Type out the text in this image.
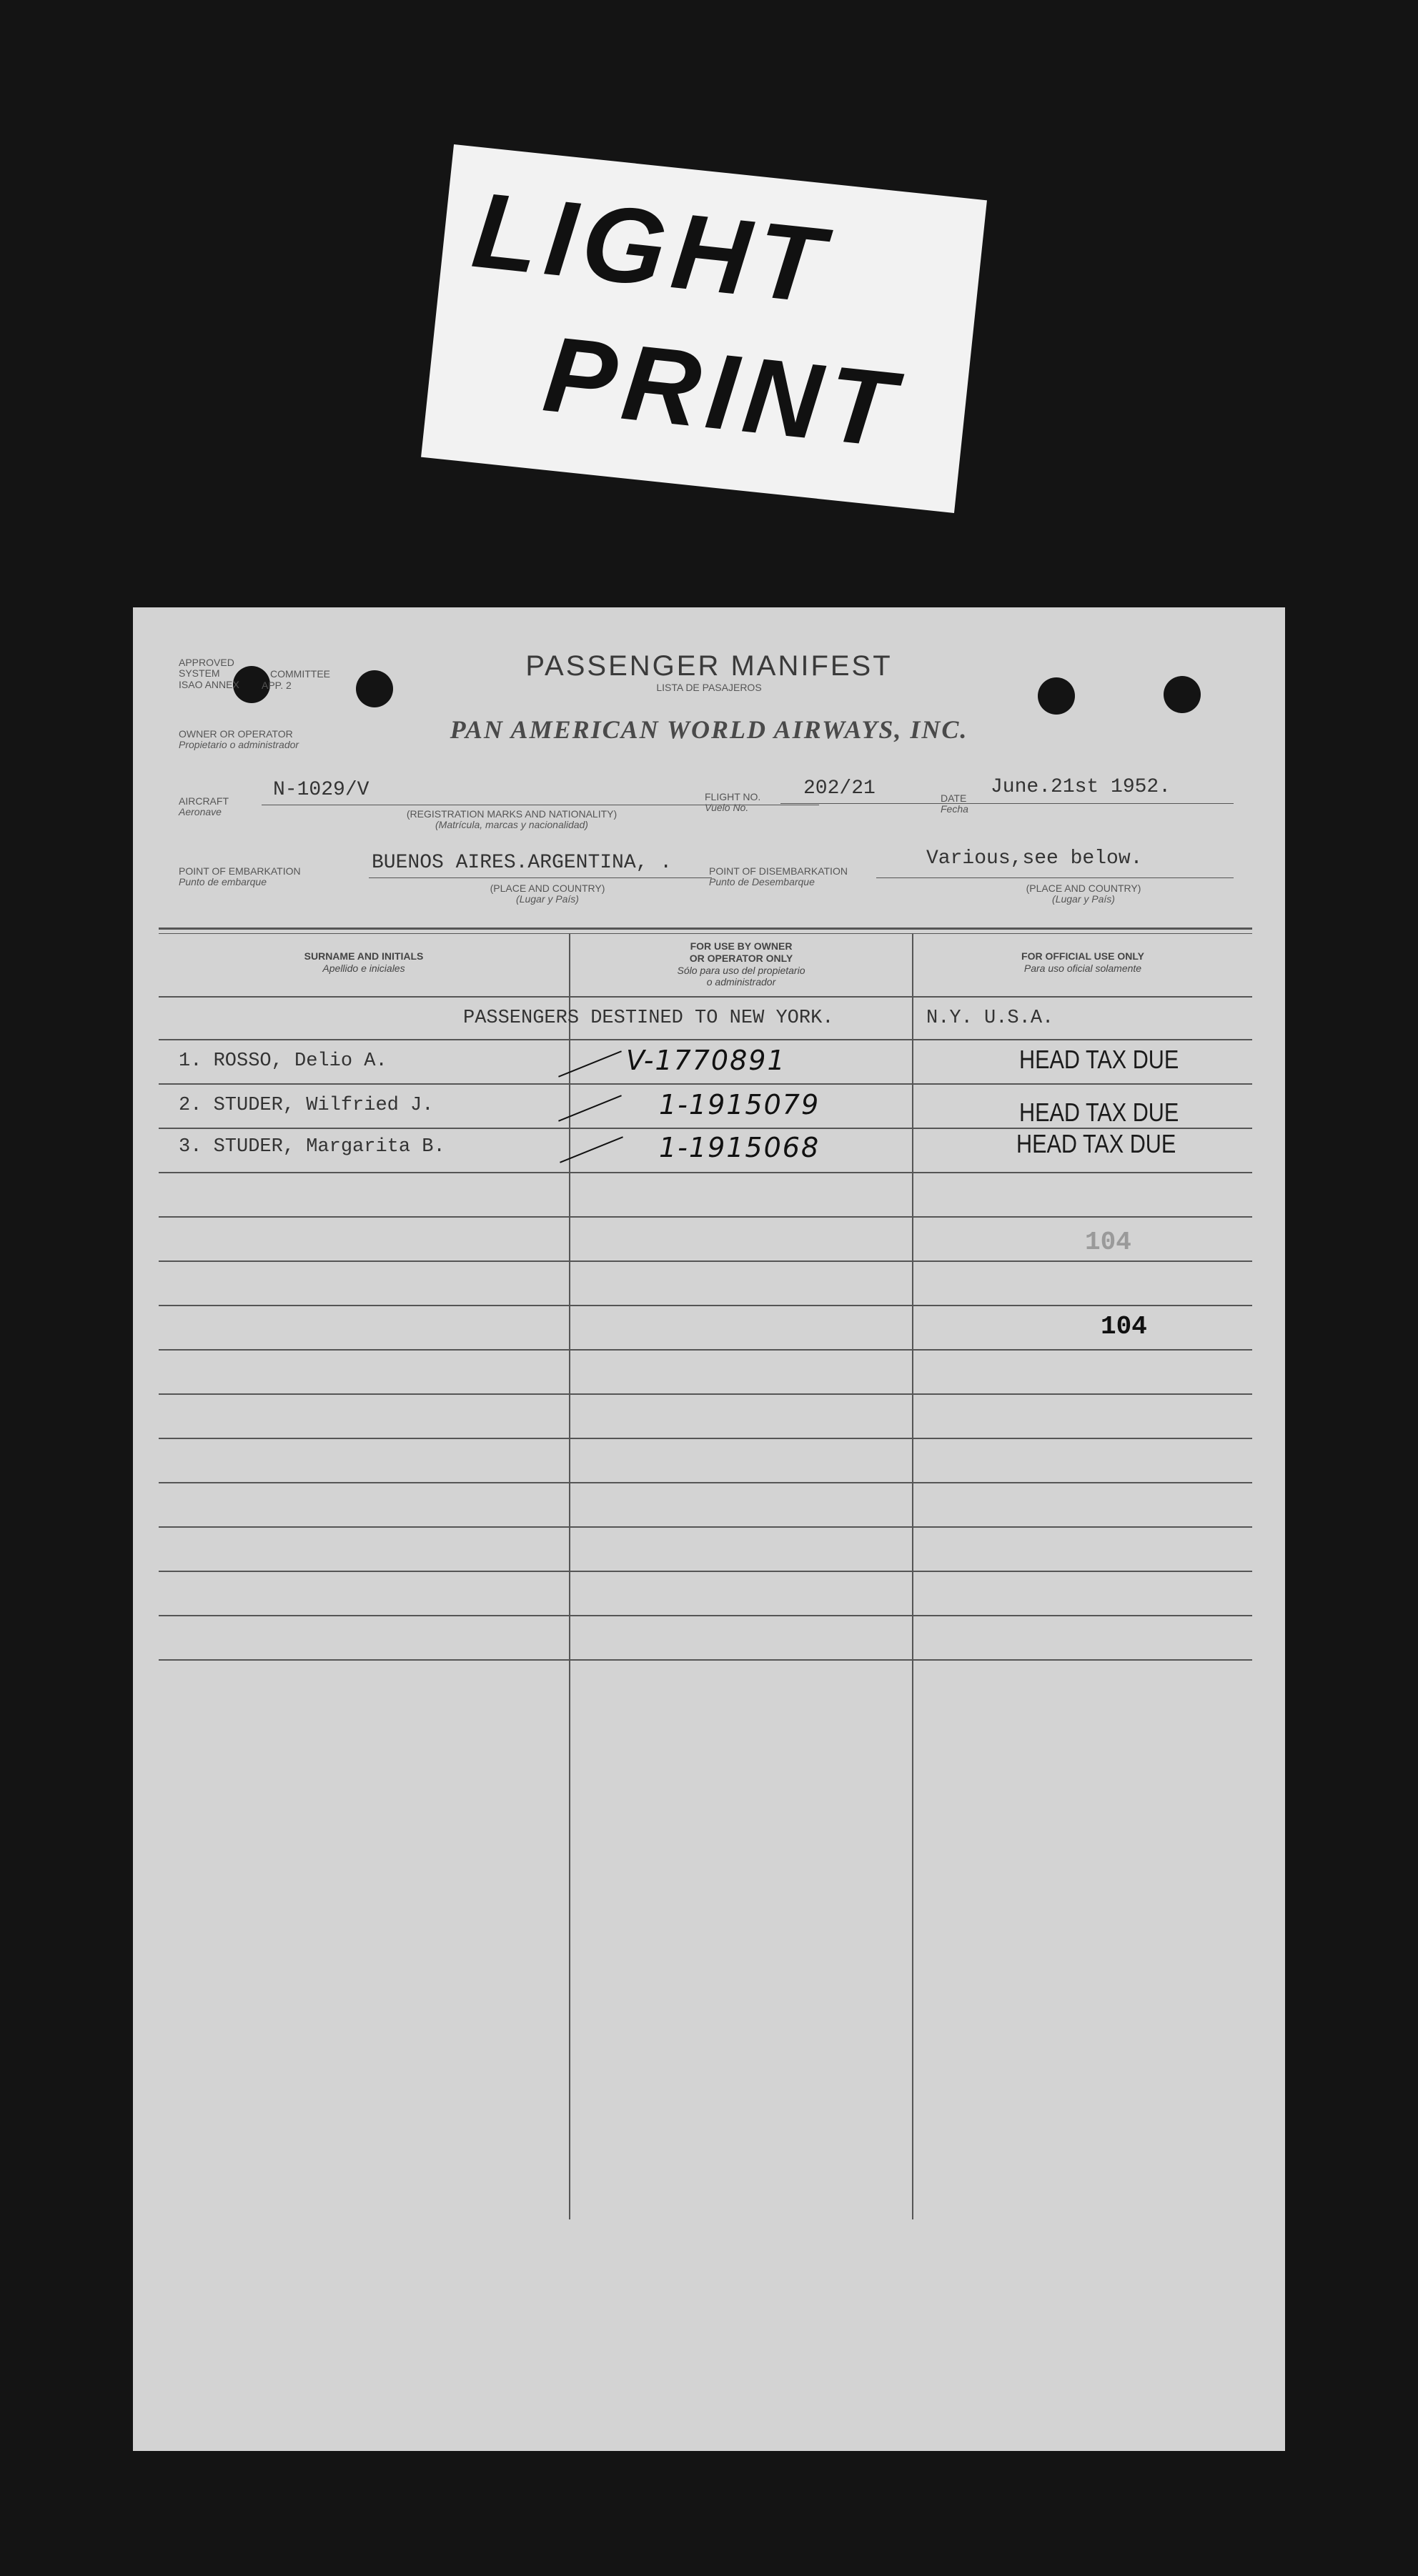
LIGHT
PRINT
APPROVED
SYSTEM
ISAO ANNEX
COMMITTEE
APP. 2
PASSENGER MANIFEST
LISTA DE PASAJEROS
OWNER OR OPERATOR
Propietario o administrador
PAN AMERICAN WORLD AIRWAYS, INC.
AIRCRAFT
Aeronave
N-1029/V
(REGISTRATION MARKS AND NATIONALITY)
(Matrícula, marcas y nacionalidad)
FLIGHT NO.
Vuelo No.
202/21	DATE
Fecha
June.21st 1952.
POINT OF EMBARKATION
Punto de embarque
BUENOS AIRES.ARGENTINA, .
(PLACE AND COUNTRY)
(Lugar y País)
POINT OF DISEMBARKATION
Punto de Desembarque
Various,see below.
(PLACE AND COUNTRY)
(Lugar y País)
SURNAME AND INITIALS
Apellido e iniciales
FOR USE BY OWNER
OR OPERATOR ONLY
Sólo para uso del propietario
o administrador
FOR OFFICIAL USE ONLY
Para uso oficial solamente
PASSENGERS DESTINED TO NEW YORK.	N.Y. U.S.A.
1. ROSSO, Delio A.	V-1770891	HEAD TAX DUE
2. STUDER, Wilfried J.	1-1915079	HEAD TAX DUE
3. STUDER, Margarita B.	1-1915068	HEAD TAX DUE
104
104
